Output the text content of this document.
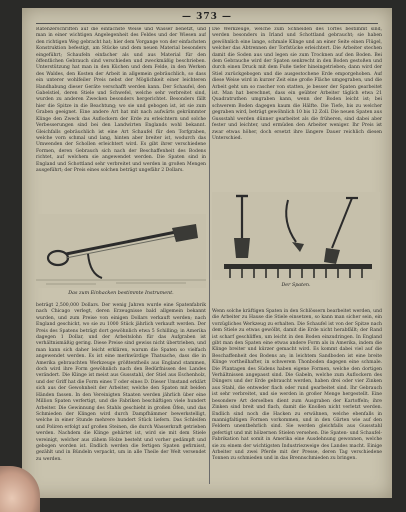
— 373 —
Ratenzerschriften auf die einfachste Weise und Wasser benetzt, und man in einer wichtigen Angelegenheit des Feldes und der Wiesen auf den richtigen Weg gebracht hat; hier dem Vorgange von der einfachsten Konstruktion befestigt, am Stücke und dem neuen Material besonders eingeführt; Schaufeln einfacher als und aus Material für den öffentlichen Gebrauch sind verschieden und zweckmäßig beschrieben. Unterstützung hat man in den Küchen und dem Felde, in den Werken des Waldes, den Kosten der Arbeit in allgemein gebräuchlich, so dass ein unterer wohlfeiler Preis nebst der Möglichkeit einer leichteren Handhabung dieser Geräte verschafft werden kann. Der Schaufel, den Gabelstiel, deren Stiele und Schwefel, welche sehr verbreitet sind, wurden zu anderen Zwecken besonders hergerichtet. Besonders fällt hier die Spitze in die Beachtung; wo sie und gebogen ist, ist sie zum Graben geeignet. Eine andere Art hat mit nach aufwärts gekrümmter Klinge den Zweck das Auflockern der Erde zu erleichtern und solche Verbesserungen sind bei den Landwirten Englands wohl bekannt. Gleichfalls gebräuchlich ist eine Art Schaufel für den Torfgraben, welche vorn schmal und lang, hinten aber breiter ist, wodurch das Umwenden der Schollen erleichtert wird. Es gibt ihrer verschiedene Formen, deren Gebrauch sich nach der Beschaffenheit des Bodens richtet, auf welchem sie angewendet werden. Die Spaten sind in England und Schottland sehr verbreitet und werden in großen Mengen ausgeführt; der Preis eines solchen beträgt ungefähr 2 Dollars.
beträgt 2,500,000 Dollars. Der wenig Jahren wurde eine Spatenfabrik nach Chicago verlegt, deren Erzeugnisse bald allgemein bekannt wurden, und zum Preise von einigen Dollars verkauft werden; nach England geschickt, wo sie zu 1000 Stück jährlich verkauft werden. Der Preis des Spatens beträgt dort gewöhnlich etwa 5 Schilling; in Amerika dagegen 1 Dollar, und der Arbeitslohn für das Aufgraben ist verhältnismäßig gering. Diese Preise sind gewiss nicht übertrieben, und man kann sich daher leicht erklären, warum die Spaten so vielfach angewendet werden. Es ist eine merkwürdige Thatsache, dass die in Amerika gebrauchten Werkzeuge größtentheils aus England stammen, doch wird ihre Form gewöhnlich nach den Bedürfnissen des Landes verändert. Die Klinge ist meist aus Gussstahl, der Stiel aus Eschenholz, und der Griff hat die Form eines T oder eines D. Dieser Umstand erklärt sich aus der Gewohnheit der Arbeiter, welche den Spaten mit beiden Händen fassen. In den Vereinigten Staaten werden jährlich über eine Million Spaten verfertigt, und die Fabriken beschäftigen viele hundert Arbeiter. Die Gewinnung des Stahls geschieht in großen Öfen, und das Schmieden der Klingen wird durch Dampfhämmer bewerkstelligt, welche in einer Stunde mehrere hundert Stück liefern. Das Schleifen und Poliren erfolgt auf großen Steinen, die durch Wasserkraft getrieben werden. Nachdem die Klinge gehärtet ist, wird sie mit dem Stiele vereinigt, welcher aus zähem Holze besteht und vorher gedämpft und gebogen worden ist. Endlich werden die fertigen Spaten gefirnisst, gezählt und in Bündeln verpackt, um in alle Theile der Welt versendet zu werden.
Das zum Einhacken bestimmte Instrument.
Die Werkzeuge, welche zum Schneiden des Torfes bestimmt sind, werden besonders in Irland und Schottland gebraucht; sie haben gewöhnlich eine lange, schmale Klinge und an einer Seite einen Flügel, welcher das Abtrennen der Torfstücke erleichtert. Die Arbeiter stechen damit die Soden aus und legen sie zum Trocknen auf den Boden. Bei dem Gebrauche wird der Spaten senkrecht in den Boden gestoßen und durch einen Druck mit dem Fuße tiefer hineingetrieben; dann wird der Stiel zurückgebogen und die ausgestochene Erde emporgehoben. Auf diese Weise wird in kurzer Zeit eine große Fläche umgegraben, und die Arbeit geht um so rascher von statten, je besser der Spaten gearbeitet ist. Man hat berechnet, dass ein geübter Arbeiter täglich etwa 21 Quadratruthen umgraben kann, wenn der Boden leicht ist; bei schwerem Boden dagegen kaum die Hälfte. Die Tiefe, bis zu welcher gegraben wird, beträgt gewöhnlich 10 bis 12 Zoll. Die neuen Spaten aus Gussstahl werden dünner gearbeitet als die früheren, sind dabei aber fester und leichter, und ermüden den Arbeiter weniger. Ihr Preis ist zwar etwas höher, doch ersetzt ihre längere Dauer reichlich diesen Unterschied.
Wenn solche kräftigen Spaten in den Schlössern bearbeitet werden, und die Arbeiter zu Hause die Stiele einsetzen, so kann man sicher sein, ein vorzügliches Werkzeug zu erhalten. Die Schaufel ist von der Spitze nach dem Stiele zu etwas gewölbt, damit die Erde nicht herabfällt; der Rand ist scharf geschliffen, um leicht in den Boden einzudringen. In England gibt man den Spaten eine etwas andere Form als in Amerika, indem die Klinge breiter und kürzer gemacht wird. Es kommt dabei viel auf die Beschaffenheit des Bodens an; in leichtem Sandboden ist eine breite Klinge vortheilhafter, in schwerem Thonboden dagegen eine schmale. Die Plantagen des Südens haben eigene Formen, welche den dortigen Verhältnissen angepasst sind. Die Gabeln, welche zum Auflockern des Düngers und der Erde gebraucht werden, haben drei oder vier Zinken aus Stahl, die entweder flach oder rund gearbeitet sind. Ihr Gebrauch ist sehr verbreitet, und sie werden in großer Menge hergestellt. Eine besondere Art derselben dient zum Ausgraben der Kartoffeln; ihre Zinken sind breit und flach, damit die Knollen nicht verletzt werden. Endlich sind noch die Hacken zu erwähnen, welche ebenfalls in mannigfaltigen Formen vorkommen, und in den Gärten wie auf den Feldern unentbehrlich sind. Sie werden gleichfalls aus Gussstahl gefertigt und mit hölzernen Stielen versehen. Die Spaten- und Schaufel-Fabrikation hat somit in Amerika eine Ausdehnung gewonnen, welche sie zu einem der wichtigsten Industriezweige des Landes macht. Einige Arbeiter und zwei Pferde mit der Presse, deren Tag verschiedene Tonnen zu schmieden und in das Brennschmieden zu bringen.
Der Spaten.
